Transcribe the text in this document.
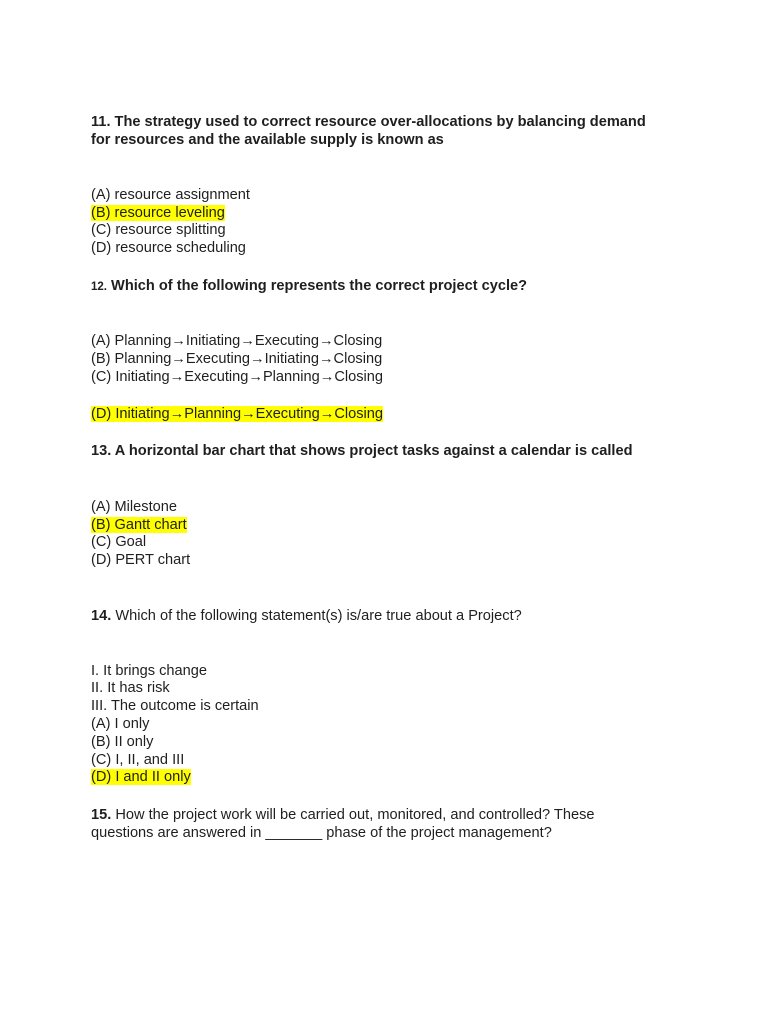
11. The strategy used to correct resource over-allocations by balancing demand

for resources and the available supply is known as

(A) resource assignment

(B) resource leveling

(C) resource splitting

(D) resource scheduling

12. Which of the following represents the correct project cycle?

(A) Planning→Initiating→Executing→Closing

(B) Planning→Executing→Initiating→Closing

(C) Initiating→Executing→Planning→Closing

(D) Initiating→Planning→Executing→Closing

13. A horizontal bar chart that shows project tasks against a calendar is called

(A) Milestone

(B) Gantt chart

(C) Goal

(D) PERT chart

14. Which of the following statement(s) is/are true about a Project?

I. It brings change

II. It has risk

III. The outcome is certain

(A) I only

(B) II only

(C) I, II, and III

(D) I and II only

15. How the project work will be carried out, monitored, and controlled? These

questions are answered in _______ phase of the project management?
